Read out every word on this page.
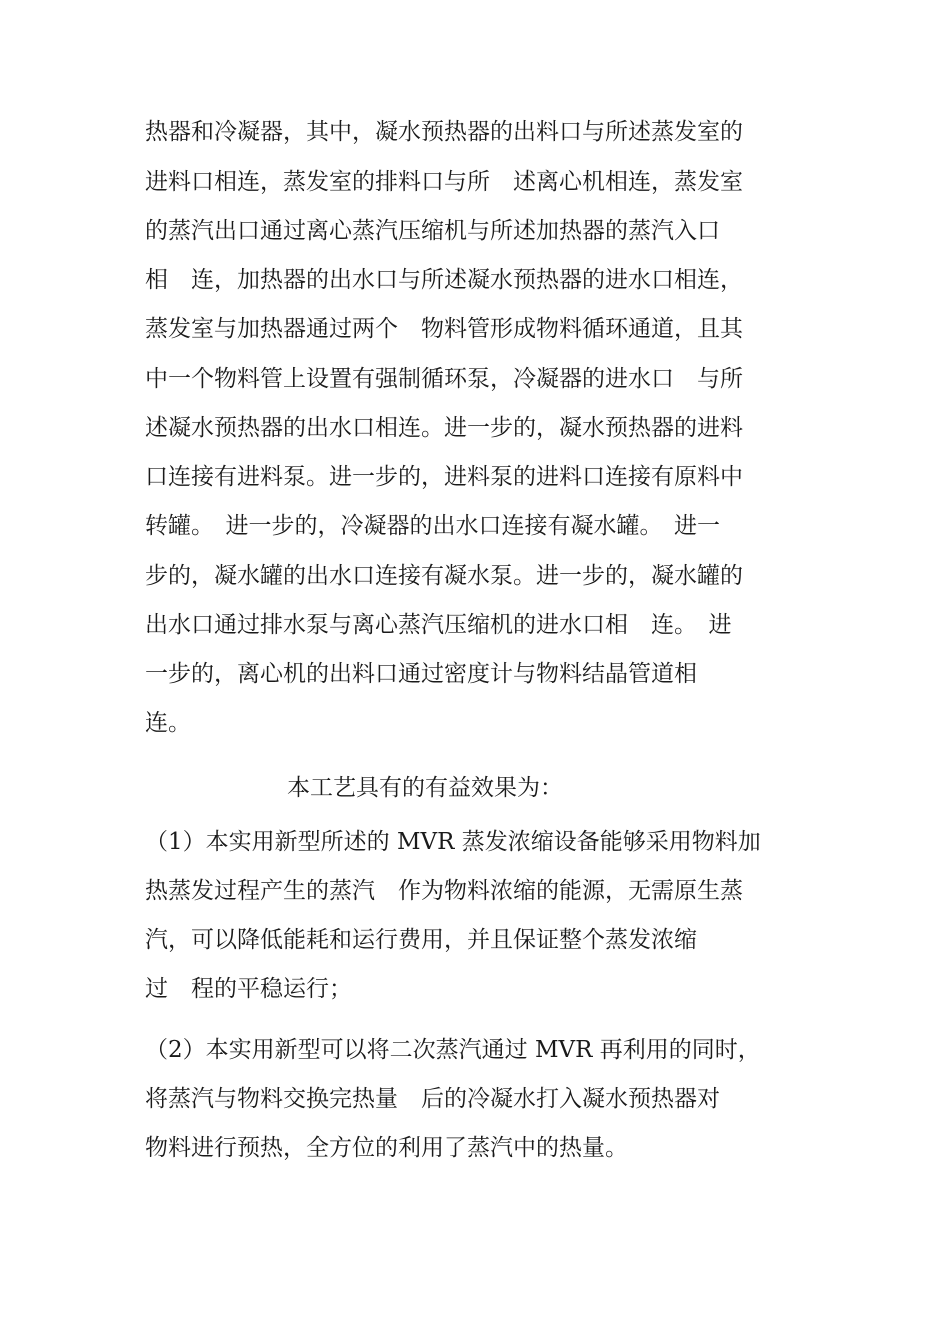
热器和冷凝器，其中，凝水预热器的出料口与所述蒸发室的
进料口相连，蒸发室的排料口与所　述离心机相连，蒸发室
的蒸汽出口通过离心蒸汽压缩机与所述加热器的蒸汽入口
相　连，加热器的出水口与所述凝水预热器的进水口相连，
蒸发室与加热器通过两个　物料管形成物料循环通道，且其
中一个物料管上设置有强制循环泵，冷凝器的进水口　与所
述凝水预热器的出水口相连。进一步的，凝水预热器的进料
口连接有进料泵。进一步的，进料泵的进料口连接有原料中
转罐。　进一步的，冷凝器的出水口连接有凝水罐。　进一
步的，凝水罐的出水口连接有凝水泵。进一步的，凝水罐的
出水口通过排水泵与离心蒸汽压缩机的进水口相　连。　进
一步的，离心机的出料口通过密度计与物料结晶管道相
连。
本工艺具有的有益效果为：
（1）本实用新型所述的 MVR 蒸发浓缩设备能够采用物料加
热蒸发过程产生的蒸汽　作为物料浓缩的能源，无需原生蒸
汽，可以降低能耗和运行费用，并且保证整个蒸发浓缩
过　程的平稳运行；
（2）本实用新型可以将二次蒸汽通过 MVR 再利用的同时，
将蒸汽与物料交换完热量　后的冷凝水打入凝水预热器对
物料进行预热，全方位的利用了蒸汽中的热量。
